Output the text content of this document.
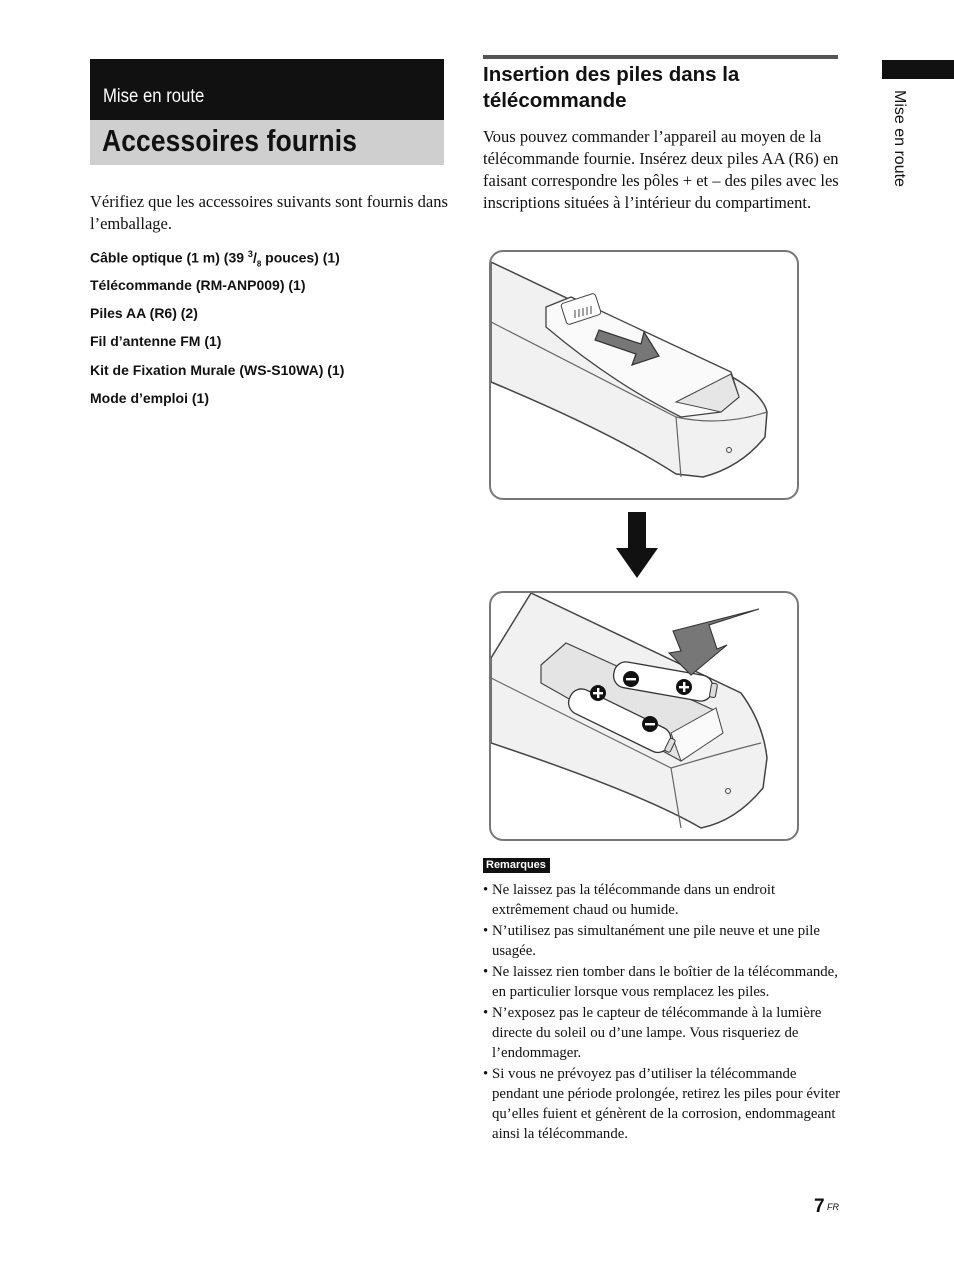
Mise en route
Accessoires fournis
Vérifiez que les accessoires suivants sont fournis dans l’emballage.
Câble optique (1 m) (39 $^3/_8$ pouces) (1)
Télécommande (RM-ANP009) (1)
Piles AA (R6) (2)
Fil d’antenne FM (1)
Kit de Fixation Murale (WS-S10WA) (1)
Mode d’emploi (1)
Insertion des piles dans la télécommande
Vous pouvez commander l’appareil au moyen de la télécommande fournie. Insérez deux piles AA (R6) en faisant correspondre les pôles + et – des piles avec les inscriptions situées à l’intérieur du compartiment.
Remarques
• Ne laissez pas la télécommande dans un endroit extrêmement chaud ou humide.
• N’utilisez pas simultanément une pile neuve et une pile usagée.
• Ne laissez rien tomber dans le boîtier de la télécommande, en particulier lorsque vous remplacez les piles.
• N’exposez pas le capteur de télécommande à la lumière directe du soleil ou d’une lampe. Vous risqueriez de l’endommager.
• Si vous ne prévoyez pas d’utiliser la télécommande pendant une période prolongée, retirez les piles pour éviter qu’elles fuient et génèrent de la corrosion, endommageant ainsi la télécommande.
Mise en route
7 FR
